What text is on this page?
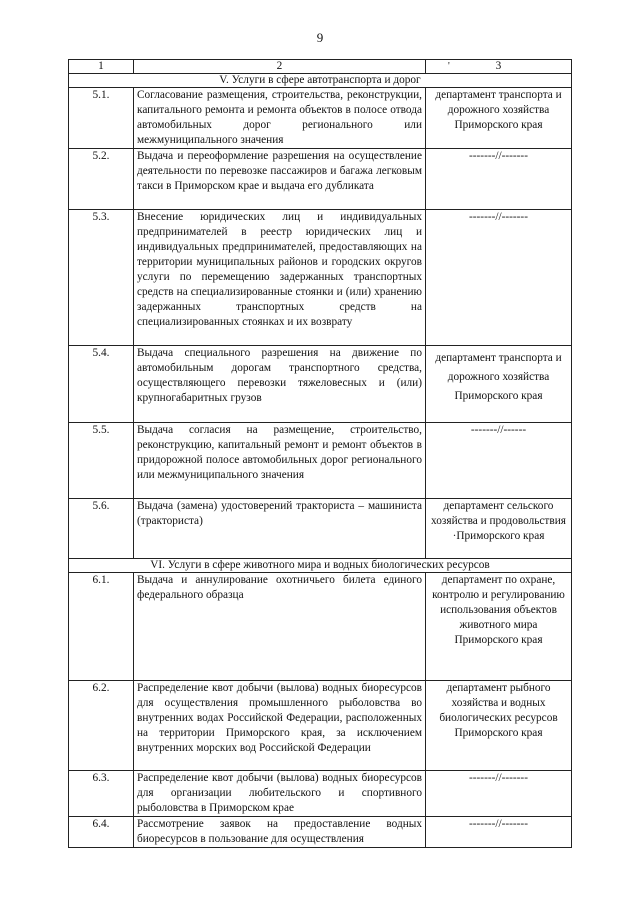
9
1	2	' 3
V. Услуги в сфере автотранспорта и дорог		
5.1.	Согласование размещения, строительства, реконструкции, капитального ремонта и ремонта объектов в полосе отвода автомобильных дорог регионального или межмуниципального значения	департамент транспорта и дорожного хозяйства Приморского края
5.2.	Выдача и переоформление разрешения на осуществление деятельности по перевозке пассажиров и багажа легковым такси в Приморском крае и выдача его дубликата	-------//-------
5.3.	Внесение юридических лиц и индивидуальных предпринимателей в реестр юридических лиц и индивидуальных предпринимателей, предоставляющих на территории муниципальных районов и городских округов услуги по перемещению задержанных транспортных средств на специализированные стоянки и (или) хранению задержанных транспортных средств на специализированных стоянках и их возврату	-------//-------
5.4.	Выдача специального разрешения на движение по автомобильным дорогам транспортного средства, осуществляющего перевозки тяжеловесных и (или) крупногабаритных грузов	департамент транспорта и дорожного хозяйства Приморского края
5.5.	Выдача согласия на размещение, строительство, реконструкцию, капитальный ремонт и ремонт объектов в придорожной полосе автомобильных дорог регионального или межмуниципального значения	-------//------
5.6.	Выдача (замена) удостоверений тракториста – машиниста (тракториста)	департамент сельского хозяйства и продовольствия ·Приморского края
VI. Услуги в сфере животного мира и водных биологических ресурсов		
6.1.	Выдача и аннулирование охотничьего билета единого федерального образца	департамент по охране, контролю и регулированию использования объектов животного мира Приморского края
6.2.	Распределение квот добычи (вылова) водных биоресурсов для осуществления промышленного рыболовства во внутренних водах Российской Федерации, расположенных на территории Приморского края, за исключением внутренних морских вод Российской Федерации	департамент рыбного хозяйства и водных биологических ресурсов Приморского края
6.3.	Распределение квот добычи (вылова) водных биоресурсов для организации любительского и спортивного рыболовства в Приморском крае	-------//-------
6.4.	Рассмотрение заявок на предоставление водных биоресурсов в пользование для осуществления	-------//-------
